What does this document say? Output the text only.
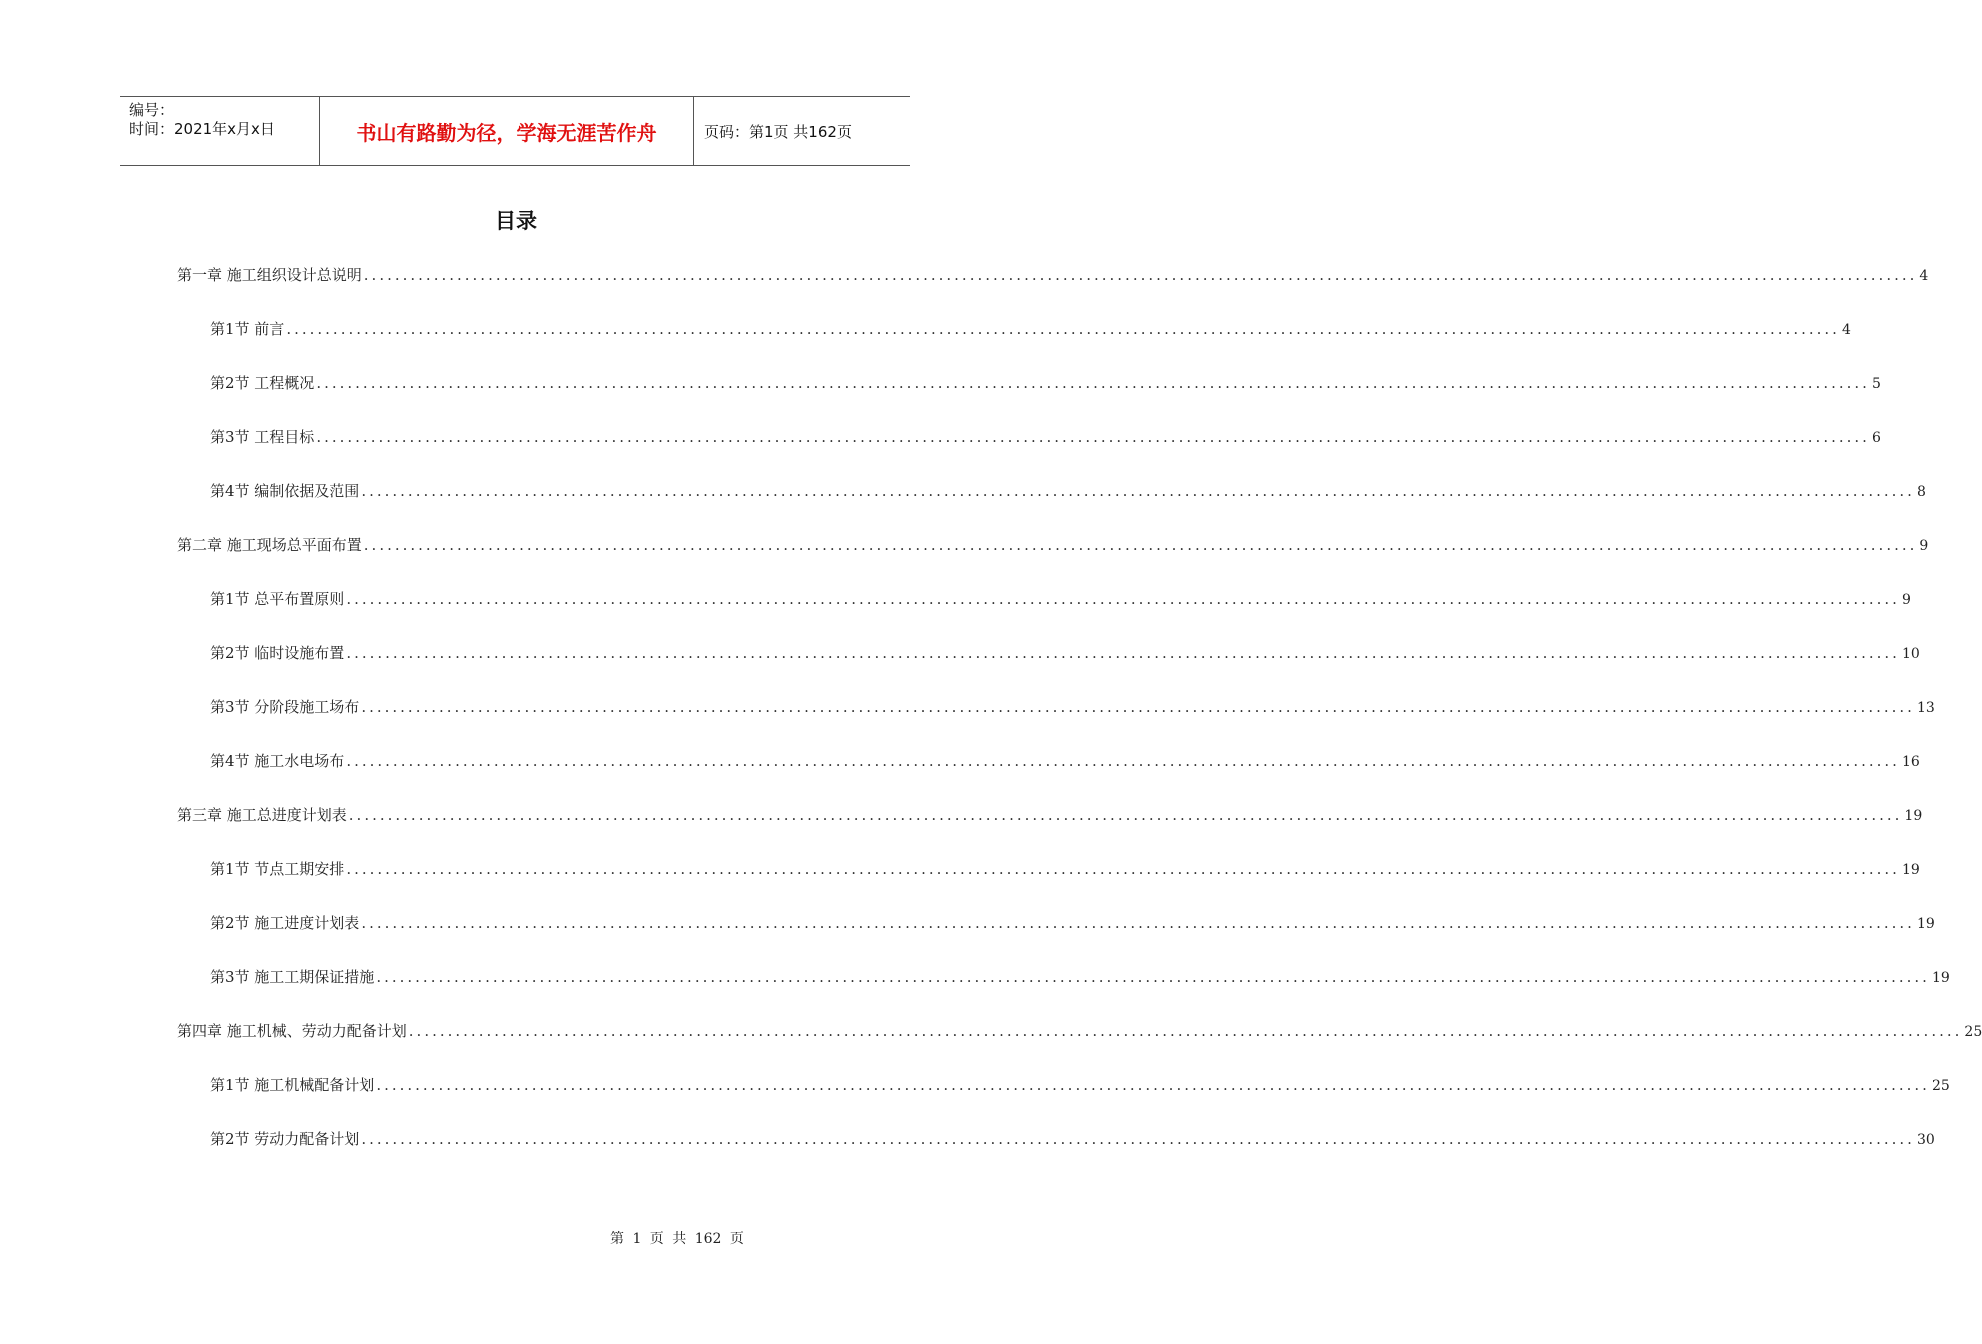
编号：
时间：2021年x月x日	书山有路勤为径，学海无涯苦作舟	页码：第1页 共162页
目录
第一章 施工组织设计总说明 ........................................................................................................................................................................................................ 4
第1节 前言 ........................................................................................................................................................................................................ 4
第2节 工程概况 ........................................................................................................................................................................................................ 5
第3节 工程目标 ........................................................................................................................................................................................................ 6
第4节 编制依据及范围 ........................................................................................................................................................................................................ 8
第二章 施工现场总平面布置 ........................................................................................................................................................................................................ 9
第1节 总平布置原则 ........................................................................................................................................................................................................ 9
第2节 临时设施布置 ........................................................................................................................................................................................................ 10
第3节 分阶段施工场布 ........................................................................................................................................................................................................ 13
第4节 施工水电场布 ........................................................................................................................................................................................................ 16
第三章 施工总进度计划表 ........................................................................................................................................................................................................ 19
第1节 节点工期安排 ........................................................................................................................................................................................................ 19
第2节 施工进度计划表 ........................................................................................................................................................................................................ 19
第3节 施工工期保证措施 ........................................................................................................................................................................................................ 19
第四章 施工机械、劳动力配备计划 ........................................................................................................................................................................................................ 25
第1节 施工机械配备计划 ........................................................................................................................................................................................................ 25
第2节 劳动力配备计划 ........................................................................................................................................................................................................ 30
第 1 页 共 162 页
